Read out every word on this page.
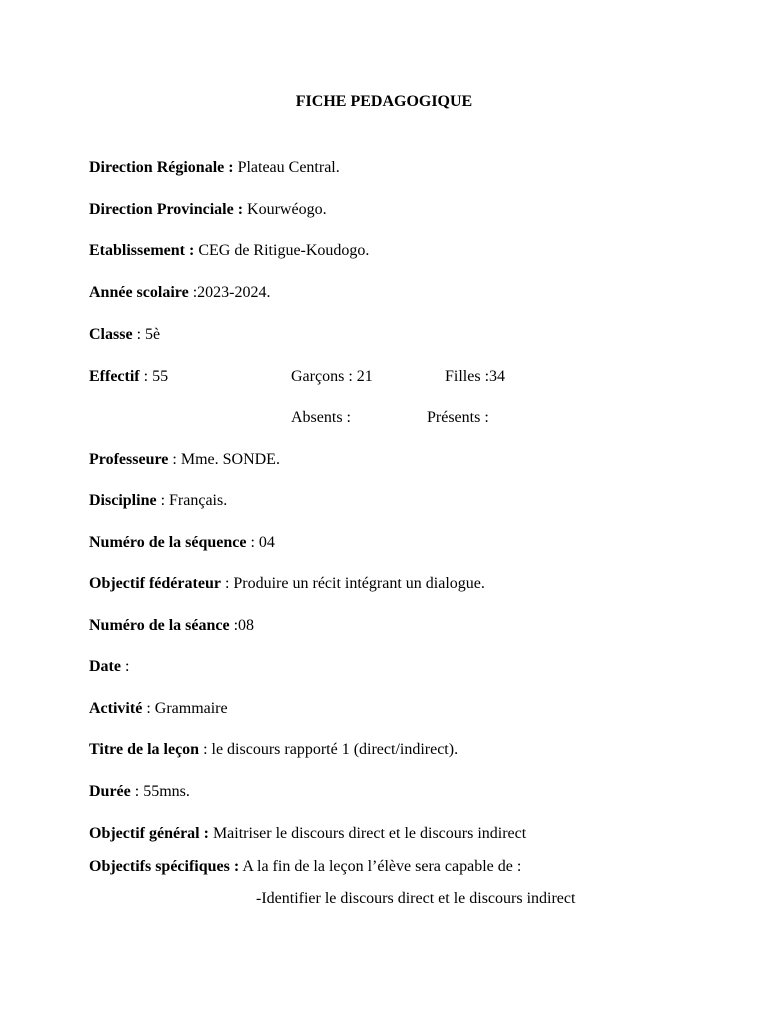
FICHE PEDAGOGIQUE
Direction Régionale : Plateau Central.
Direction Provinciale : Kourwéogo.
Etablissement : CEG de Ritigue-Koudogo.
Année scolaire :2023-2024.
Classe : 5è
Effectif : 55	Garçons : 21	Filles :34
Absents :	Présents :
Professeure : Mme. SONDE.
Discipline : Français.
Numéro de la séquence : 04
Objectif fédérateur : Produire un récit intégrant un dialogue.
Numéro de la séance :08
Date :
Activité : Grammaire
Titre de la leçon : le discours rapporté 1 (direct/indirect).
Durée : 55mns.
Objectif général : Maitriser le discours direct et le discours indirect
Objectifs spécifiques : A la fin de la leçon l’élève sera capable de :
-Identifier le discours direct et le discours indirect
